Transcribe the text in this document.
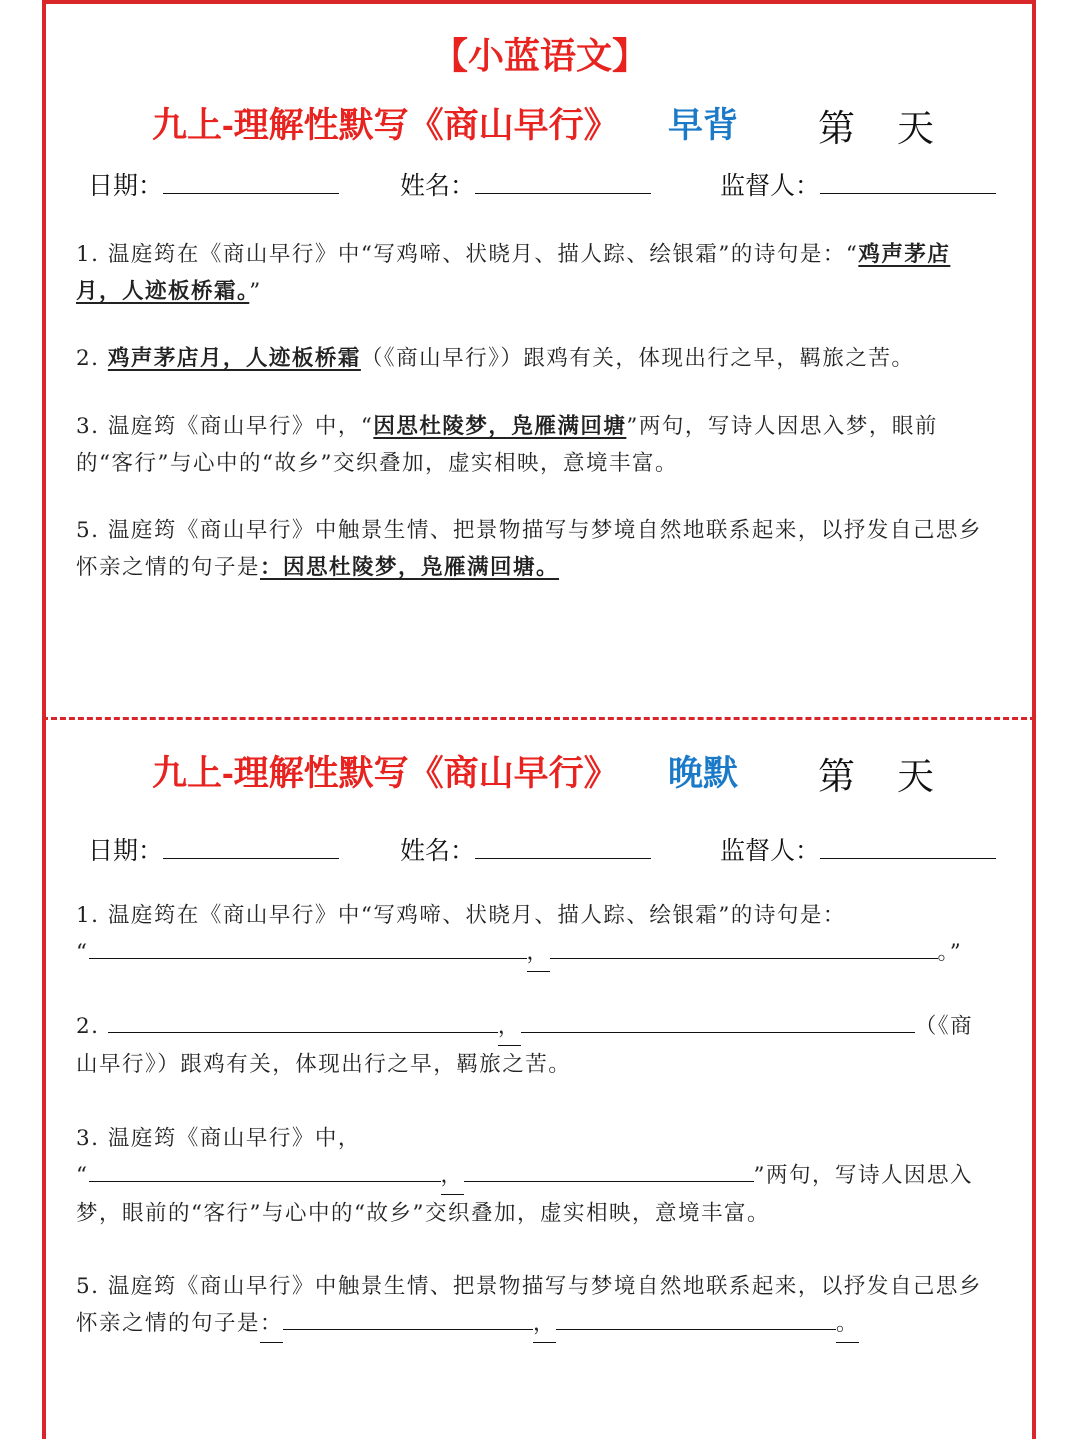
【小蓝语文】
九上-理解性默写《商山早行》 早背 第 天
日期：	姓名：	监督人：
1. 温庭筠在《商山早行》中“写鸡啼、状晓月、描人踪、绘银霜”的诗句是：“鸡声茅店月，人迹板桥霜。”
2. 鸡声茅店月，人迹板桥霜（《商山早行》）跟鸡有关，体现出行之早，羁旅之苦。
3. 温庭筠《商山早行》中，“因思杜陵梦，凫雁满回塘”两句，写诗人因思入梦，眼前的“客行”与心中的“故乡”交织叠加，虚实相映，意境丰富。
5. 温庭筠《商山早行》中触景生情、把景物描写与梦境自然地联系起来，以抒发自己思乡怀亲之情的句子是：因思杜陵梦，凫雁满回塘。
九上-理解性默写《商山早行》 晚默 第 天
日期：	姓名：	监督人：
1. 温庭筠在《商山早行》中“写鸡啼、状晓月、描人踪、绘银霜”的诗句是：
“	，	。”
2.	，	（《商山早行》）跟鸡有关，体现出行之早，羁旅之苦。
3. 温庭筠《商山早行》中，
“	，	”两句，写诗人因思入梦，眼前的“客行”与心中的“故乡”交织叠加，虚实相映，意境丰富。
5. 温庭筠《商山早行》中触景生情、把景物描写与梦境自然地联系起来，以抒发自己思乡怀亲之情的句子是：	，	。
